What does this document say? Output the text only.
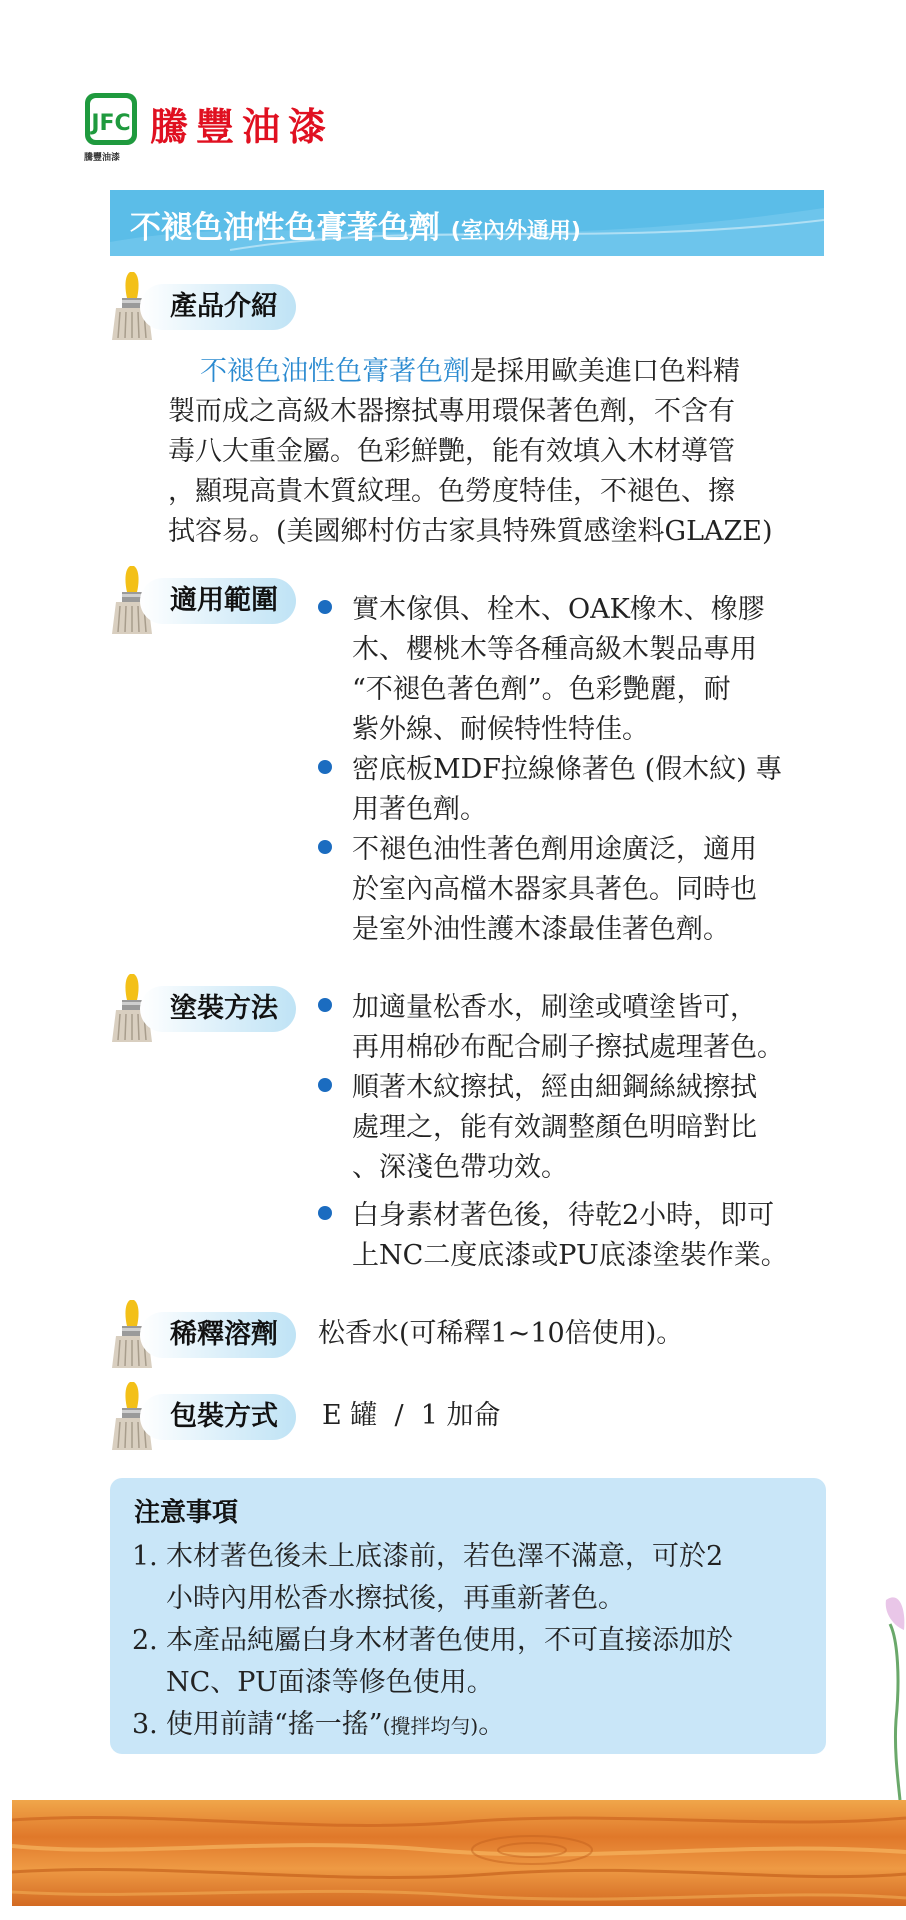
JFC
騰豐油漆
騰豐油漆
不褪色油性色膏著色劑 (室內外通用)
產品介紹
不褪色油性色膏著色劑是採用歐美進口色料精
製而成之高級木器擦拭專用環保著色劑，不含有
毒八大重金屬。色彩鮮艷，能有效填入木材導管
，顯現高貴木質紋理。色勞度特佳，不褪色、擦
拭容易。(美國鄉村仿古家具特殊質感塗料GLAZE)
適用範圍	實木傢俱、栓木、OAK橡木、橡膠
木、櫻桃木等各種高級木製品專用
“不褪色著色劑”。色彩艷麗，耐
紫外線、耐候特性特佳。
密底板MDF拉線條著色 (假木紋) 專
用著色劑。
不褪色油性著色劑用途廣泛，適用
於室內高檔木器家具著色。同時也
是室外油性護木漆最佳著色劑。
塗裝方法	加適量松香水，刷塗或噴塗皆可，
再用棉砂布配合刷子擦拭處理著色。
順著木紋擦拭，經由細鋼絲絨擦拭
處理之，能有效調整顏色明暗對比
、深淺色帶功效。
白身素材著色後，待乾2小時，即可
上NC二度底漆或PU底漆塗裝作業。
稀釋溶劑	松香水(可稀釋1~10倍使用)。
包裝方式	E 罐  /  1 加侖
注意事項
1. 木材著色後未上底漆前，若色澤不滿意，可於2
小時內用松香水擦拭後，再重新著色。
2. 本產品純屬白身木材著色使用，不可直接添加於
NC、PU面漆等修色使用。
3. 使用前請“搖一搖”(攪拌均勻)。
